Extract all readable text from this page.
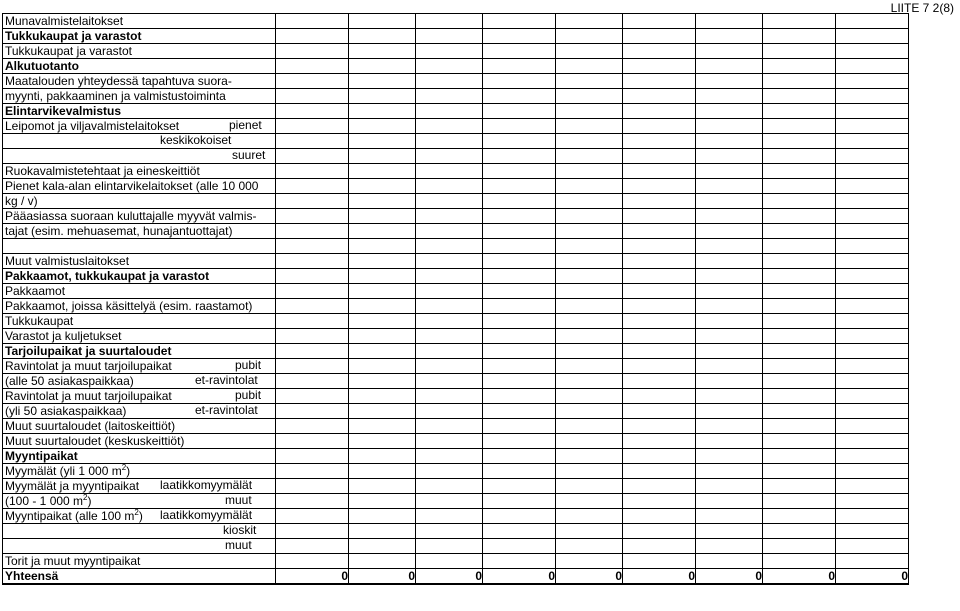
LIITE 7 2(8)
Munavalmistelaitokset									
Tukkukaupat ja varastot									
Tukkukaupat ja varastot									
Alkutuotanto									
Maatalouden yhteydessä tapahtuva suora-									
myynti, pakkaaminen ja valmistustoiminta									
Elintarvikevalmistus									
Leipomot ja viljavalmistelaitokset pienet									

keskikokoiset									

suuret									

Ruokavalmistetehtaat ja eineskeittiöt									
Pienet kala-alan elintarvikelaitokset (alle 10 000									
kg / v)									
Pääasiassa suoraan kuluttajalle myyvät valmis-									
tajat (esim. mehuasemat, hunajantuottajat)									

Muut valmistuslaitokset									
Pakkaamot, tukkukaupat ja varastot									
Pakkaamot									
Pakkaamot, joissa käsittelyä (esim. raastamot)									
Tukkukaupat									
Varastot ja kuljetukset									
Tarjoilupaikat ja suurtaloudet									
Ravintolat ja muut tarjoilupaikat pubit									

(alle 50 asiakaspaikkaa) et-ravintolat									

Ravintolat ja muut tarjoilupaikat pubit									

(yli 50 asiakaspaikkaa) et-ravintolat									

Muut suurtaloudet (laitoskeittiöt)									
Muut suurtaloudet (keskuskeittiöt)									
Myyntipaikat									
Myymälät (yli 1 000 $m^2$)									
Myymälät ja myyntipaikat laatikkomyymälät									

(100 - 1 000 $m^2$) muut									

Myyntipaikat (alle 100 $m^2$) laatikkomyymälät									

kioskit									

muut									

Torit ja muut myyntipaikat									
Yhteensä	0	0	0	0	0	0	0	0	0
